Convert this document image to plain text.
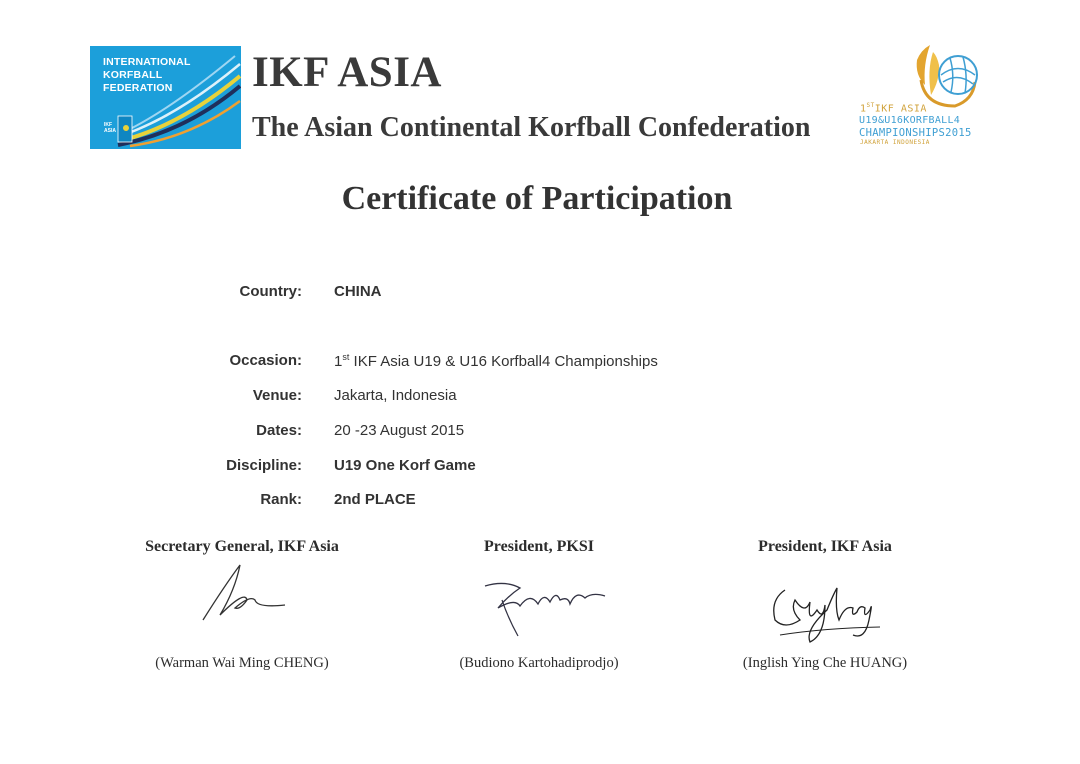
INTERNATIONAL
KORFBALL
FEDERATION
IKF
ASIA
IKF ASIA
The Asian Continental Korfball Confederation
1STIKF ASIA
U19&U16KORFBALL4
CHAMPIONSHIPS2015
JAKARTA INDONESIA
Certificate of Participation
Country: CHINA
Occasion: 1st IKF Asia U19 & U16 Korfball4 Championships
Venue: Jakarta, Indonesia
Dates: 20 -23 August 2015
Discipline: U19 One Korf Game
Rank: 2nd PLACE
Secretary General, IKF Asia	President, PKSI	President, IKF Asia
(Warman Wai Ming CHENG)	(Budiono Kartohadiprodjo)	(Inglish Ying Che HUANG)
